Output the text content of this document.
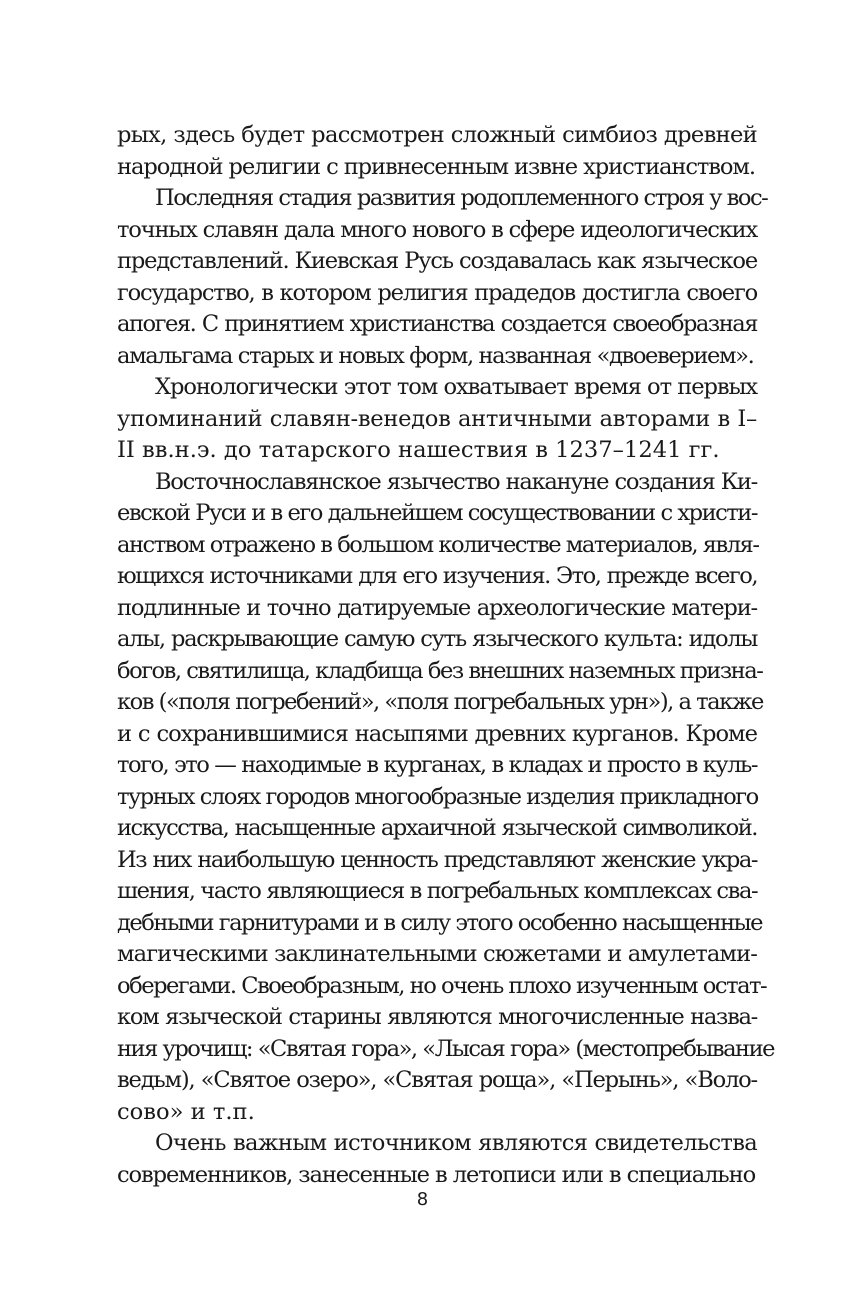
рых, здесь будет рассмотрен сложный симбиоз древней
народной религии с привнесенным извне христианством.
Последняя стадия развития родоплеменного строя у вос-
точных славян дала много нового в сфере идеологических
представлений. Киевская Русь создавалась как языческое
государство, в котором религия прадедов достигла своего
апогея. С принятием христианства создается своеобразная
амальгама старых и новых форм, названная «двоеверием».
Хронологически этот том охватывает время от первых
упоминаний славян-венедов античными авторами в I–
II вв.н.э. до татарского нашествия в 1237–1241 гг.
Восточнославянское язычество накануне создания Ки-
евской Руси и в его дальнейшем сосуществовании с христи-
анством отражено в большом количестве материалов, явля-
ющихся источниками для его изучения. Это, прежде всего,
подлинные и точно датируемые археологические матери-
алы, раскрывающие самую суть языческого культа: идолы
богов, святилища, кладбища без внешних наземных призна-
ков («поля погребений», «поля погребальных урн»), а также
и с сохранившимися насыпями древних курганов. Кроме
того, это — находимые в курганах, в кладах и просто в куль-
турных слоях городов многообразные изделия прикладного
искусства, насыщенные архаичной языческой символикой.
Из них наибольшую ценность представляют женские укра-
шения, часто являющиеся в погребальных комплексах сва-
дебными гарнитурами и в силу этого особенно насыщенные
магическими заклинательными сюжетами и амулетами-
оберегами. Своеобразным, но очень плохо изученным остат-
ком языческой старины являются многочисленные назва-
ния урочищ: «Святая гора», «Лысая гора» (местопребывание
ведьм), «Святое озеро», «Святая роща», «Перынь», «Воло-
сово» и т.п.
Очень важным источником являются свидетельства
современников, занесенные в летописи или в специально
8
